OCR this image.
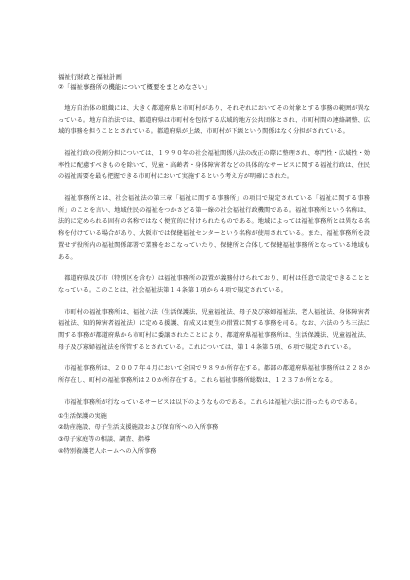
福祉行財政と福祉計画

②「福祉事務所の機能について概要をまとめなさい」

地方自治体の組織には、大きく都道府県と市町村があり、それぞれにおいてその対象とする事務の範囲が異なっている。地方自治法では、都道府県は市町村を包括する広域的地方公共団体とされ、市町村間の連絡調整、広域的事務を担うこととされている。都道府県が上級、市町村が下級という関係はなく分担がされている。

福祉行政の役割分担については、１９９０年の社会福祉関係八法の改正の際に整理され、専門性・広域性・効率性に配慮すべきものを除いて、児童・高齢者・身体障害者などの具体的なサービスに関する福祉行政は、住民の福祉需要を最も把握できる市町村において実施するという考え方が明確にされた。

福祉事務所とは、社会福祉法の第三章「福祉に関する事務所」の項目で規定されている「福祉に関する事務所」のことを言い、地域住民の福祉をつかさどる第一線の社会福祉行政機関である。福祉事務所という名称は、法的に定められる固有の名称ではなく便宜的に付けられたものである。地域によっては福祉事務所とは異なる名称を付けている場合があり、大阪市では保健福祉センターという名称が使用されている。また、福祉事務所を設置せず役所内の福祉関係部署で業務をおこなっていたり、保健所と合体して保健福祉事務所となっている地域もある。

都道府県及び市（特別区を含む）は福祉事務所の設置が義務付けられており、町村は任意で設定できることとなっている。このことは、社会福祉法第１４条第１項から４項で規定されている。

市町村の福祉事務所は、福祉六法（生活保護法、児童福祉法、母子及び寡婦福祉法、老人福祉法、身体障害者福祉法、知的障害者福祉法）に定める援護、育成又は更生の措置に関する事務を司る。なお、六法のうち三法に関する事務が都道府県から市町村に委譲されたことにより、都道府県福祉事務所は、生活保護法、児童福祉法、母子及び寡婦福祉法を所管するとされている。これについては、第１４条第５項、６項で規定されている。

市福祉事務所は、２００７年４月において全国で９８９か所存在する。都部の都道府県福祉事務所は２２８か所存在し、町村の福祉事務所は２０か所存在する。これら福祉事務所総数は、１２３７か所となる。

市福祉事務所が行なっているサービスは以下のようなものである。これらは福祉六法に沿ったものである。

①生活保護の実施
②助産施設、母子生活支援施設および保育所への入所事務
③母子家庭等の相談、調査、指導
④特別養護老人ホームへの入所事務
